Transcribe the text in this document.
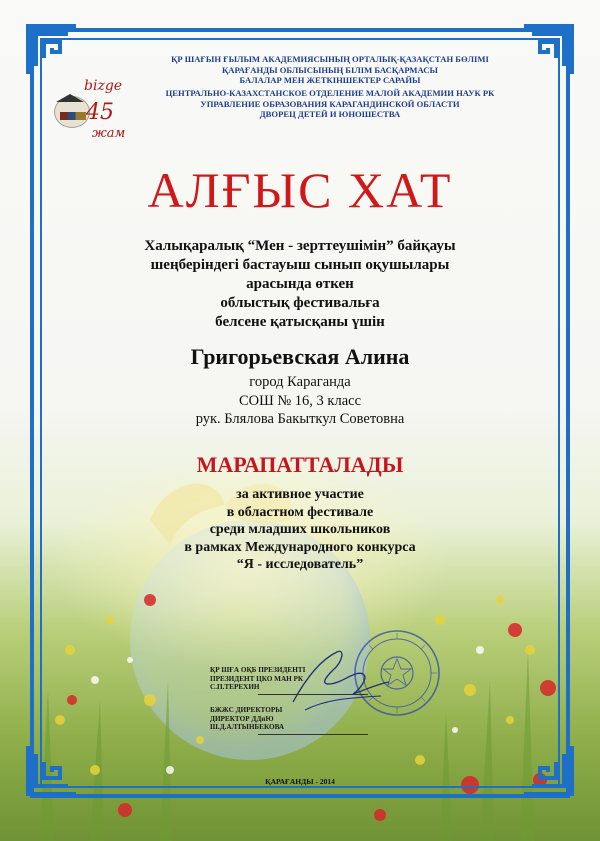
bizge
45
жам
ҚР ШАҒЫН ҒЫЛЫМ АКАДЕМИЯСЫНЫҢ ОРТАЛЫҚ-ҚАЗАҚСТАН БӨЛІМІ
ҚАРАҒАНДЫ ОБЛЫСЫНЫҢ БІЛІМ БАСҚАРМАСЫ
БАЛАЛАР МЕН ЖЕТКІНШЕКТЕР САРАЙЫ
ЦЕНТРАЛЬНО-КАЗАХСТАНСКОЕ ОТДЕЛЕНИЕ МАЛОЙ АКАДЕМИИ НАУК РК
УПРАВЛЕНИЕ ОБРАЗОВАНИЯ КАРАГАНДИНСКОЙ ОБЛАСТИ
ДВОРЕЦ ДЕТЕЙ И ЮНОШЕСТВА
АЛҒЫС ХАТ
Халықаралық “Мен - зерттеушімін” байқауы
шеңберіндегі бастауыш сынып оқушылары
арасында өткен
облыстық фестивальға
белсене қатысқаны үшін
Григорьевская Алина
город Караганда
СОШ № 16, 3 класс
рук. Блялова Бакыткул Советовна
МАРАПАТТАЛАДЫ
за активное участие
в областном фестивале
среди младших школьников
в рамках Международного конкурса
“Я - исследователь”
ҚР ШҒА ОҚБ ПРЕЗИДЕНТІ
ПРЕЗИДЕНТ ЦКО МАН РК
С.П.ТЕРЕХИН
БЖЖС ДИРЕКТОРЫ
ДИРЕКТОР ДДиЮ
Ш.Д.АЛТЫНБЕКОВА
ҚАРАҒАНДЫ - 2014
